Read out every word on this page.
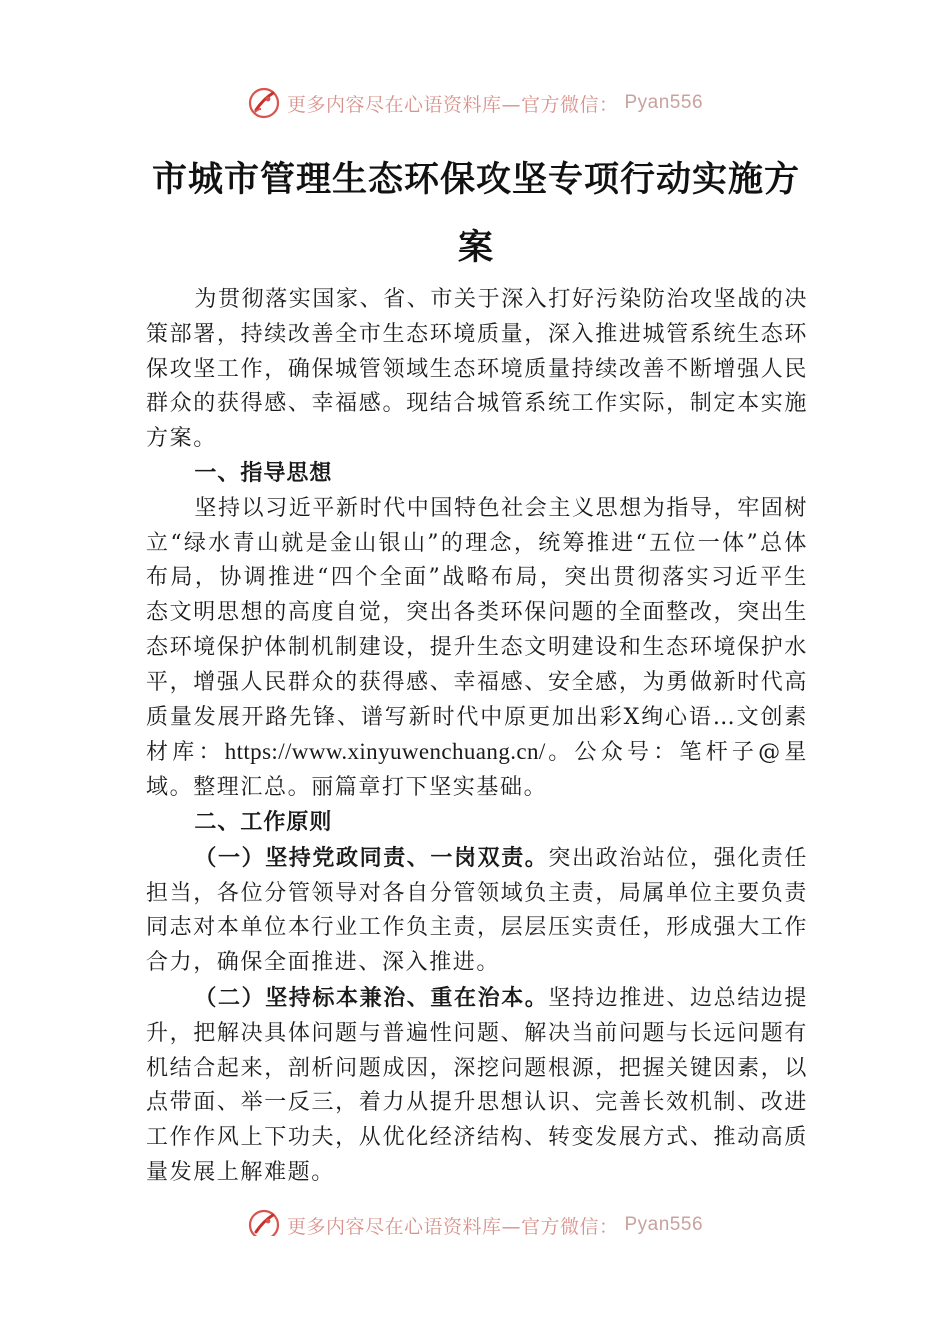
更多内容尽在心语资料库—官方微信： Pyan556
市城市管理生态环保攻坚专项行动实施方
案

为贯彻落实国家、省、市关于深入打好污染防治攻坚战的决策部署，持续改善全市生态环境质量，深入推进城管系统生态环保攻坚工作，确保城管领域生态环境质量持续改善不断增强人民群众的获得感、幸福感。现结合城管系统工作实际，制定本实施方案。

一、指导思想

坚持以习近平新时代中国特色社会主义思想为指导，牢固树立“绿水青山就是金山银山”的理念，统筹推进“五位一体”总体布局，协调推进“四个全面”战略布局，突出贯彻落实习近平生态文明思想的高度自觉，突出各类环保问题的全面整改，突出生态环境保护体制机制建设，提升生态文明建设和生态环境保护水平，增强人民群众的获得感、幸福感、安全感，为勇做新时代高质量发展开路先锋、谱写新时代中原更加出彩X绚心语…文创素材库：https://www.xinyuwenchuang.cn/。公众号：笔杆子@星域。整理汇总。丽篇章打下坚实基础。

二、工作原则

（一）坚持党政同责、一岗双责。突出政治站位，强化责任担当，各位分管领导对各自分管领域负主责，局属单位主要负责同志对本单位本行业工作负主责，层层压实责任，形成强大工作合力，确保全面推进、深入推进。

（二）坚持标本兼治、重在治本。坚持边推进、边总结边提升，把解决具体问题与普遍性问题、解决当前问题与长远问题有机结合起来，剖析问题成因，深挖问题根源，把握关键因素，以点带面、举一反三，着力从提升思想认识、完善长效机制、改进工作作风上下功夫，从优化经济结构、转变发展方式、推动高质量发展上解难题。

更多内容尽在心语资料库—官方微信： Pyan556
